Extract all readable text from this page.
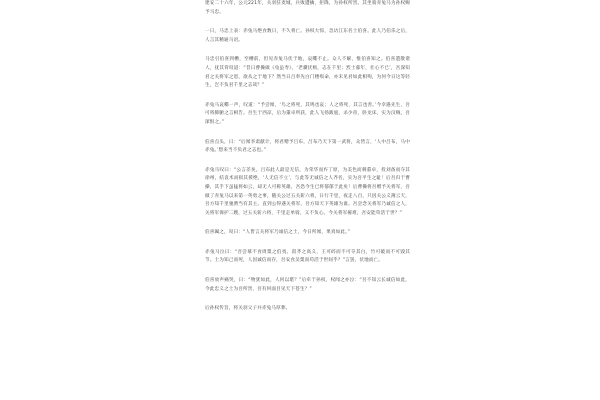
建安二十六年，公元221年，关羽驻麦城，兵败遭擒，拒降，为孙权所害。其坐骑赤兔马为孙权赐予马忠。

一日，马忠上表：赤兔马绝食数日，不久将亡。孙权大惊，急访江东名士伯喜。此人乃伯乐之后，人言其精通马语。

马忠引伯喜到槽，至槽前，但见赤兔马伏于地，哀嘶不止。众人不解，惟伯喜知之。伯喜遣散诸人，抚其背叹道：“昔日曹操做《龟虽寿》，‘老骥伏枥，志在千里；烈士暮年，壮心不已’，吾深知君之关将军之恩，欲从之于地下？然当日吕奉先白门楼殒命，亦未见君如此相殉，为何今日这等轻生，岂不负君千里之志哉？”

赤兔马哀嘶一声，叹道：“予尝闻，‘鸟之将死，其鸣也哀；人之将死，其言也善。’今幸遇先生，吾可将肺腑之言相告。吾生于西凉，后为董卓所获，此人飞扬跋扈，杀少帝，卧龙床，实为汉贼，吾深恨之。”

伯喜点头，曰：“后闻李肃献计，将君赠予吕布，吕布乃天下第一武将，众皆言，‘人中吕布，马中赤兔。’想来当不负君之志也。”

赤兔马叹曰：“公言差矣。吕布此人最是无信，为荣华而弃丁原，为美色而刺董卓，投刘备而夺其徐州，结袁术而损其援绝，‘人无信不立’，与此等无诚信之人齐名，实为吾平生之耻！后吾归于曹操，其手下虽猛将如云，却无人可称英雄，吾恐今生已将郁郁于此矣！后曹操将吾赠予关将军，吾做了赤兔马以来第一英勇之事，随关公过五关斩六将，日行千里，夜走八百，只因关公义薄云天，吾方知千里驰骋当有其主。直到公得遇关将军，吾方知天下英雄为谁。吾尝念关将军乃诚信之人，关将军保护二嫂，过五关斩六将，千里走单骑，义不负心。今关将军罹难，吾安能苟活于世？”

伯喜阖之，叹曰：“人皆言关将军乃诚信之士，今日所闻，果真如此。”

赤兔马泣曰：“吾尝慕不食周粟之伯夷、叔齐之高义，王可碎而不可夺其白，竹可破而不可毁其节。士为知己而死，人因诚信而存，吾安食吴粟而苟活于世间乎？”言罢，伏地而亡。

伯喜放声痛哭，曰：“物犹如此，人何以堪？”后牵于孙权，权闻之亦泣：“吾不知云长诚信如此，今此忠义之士为吾所害，吾有何面目见天下苍生？”

后孙权传旨，将关羽父子并赤兔马厚葬。
